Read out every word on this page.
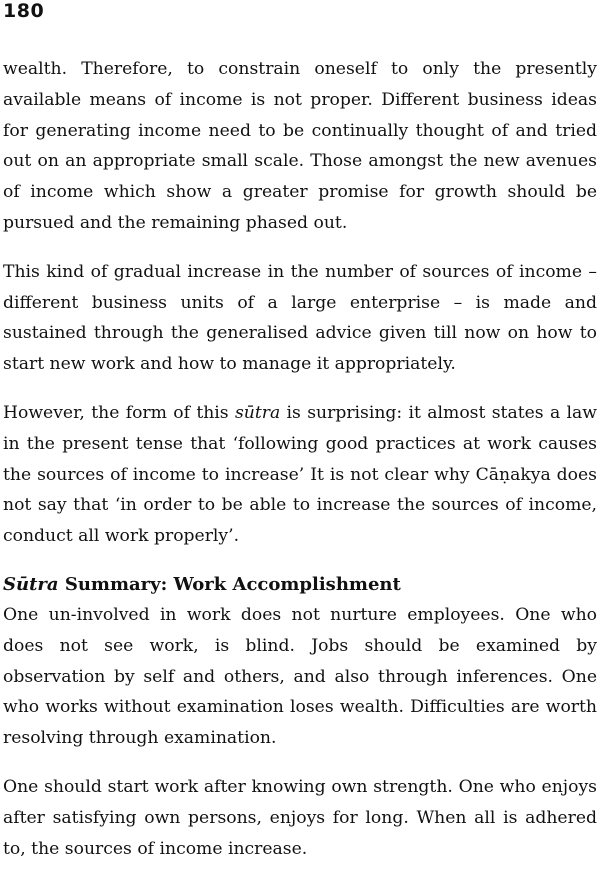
180

wealth. Therefore, to constrain oneself to only the presently available means of income is not proper. Different business ideas for generating income need to be continually thought of and tried out on an appropriate small scale. Those amongst the new avenues of income which show a greater promise for growth should be pursued and the remaining phased out.

This kind of gradual increase in the number of sources of income – different business units of a large enterprise – is made and sustained through the generalised advice given till now on how to start new work and how to manage it appropriately.

However, the form of this sūtra is surprising: it almost states a law in the present tense that ‘following good practices at work causes the sources of income to increase’ It is not clear why Cāṇakya does not say that ‘in order to be able to increase the sources of income, conduct all work properly’.

Sūtra Summary: Work Accomplishment

One un-involved in work does not nurture employees. One who does not see work, is blind. Jobs should be examined by observation by self and others, and also through inferences. One who works without examination loses wealth. Difficulties are worth resolving through examination.

One should start work after knowing own strength. One who enjoys after satisfying own persons, enjoys for long. When all is adhered to, the sources of income increase.
